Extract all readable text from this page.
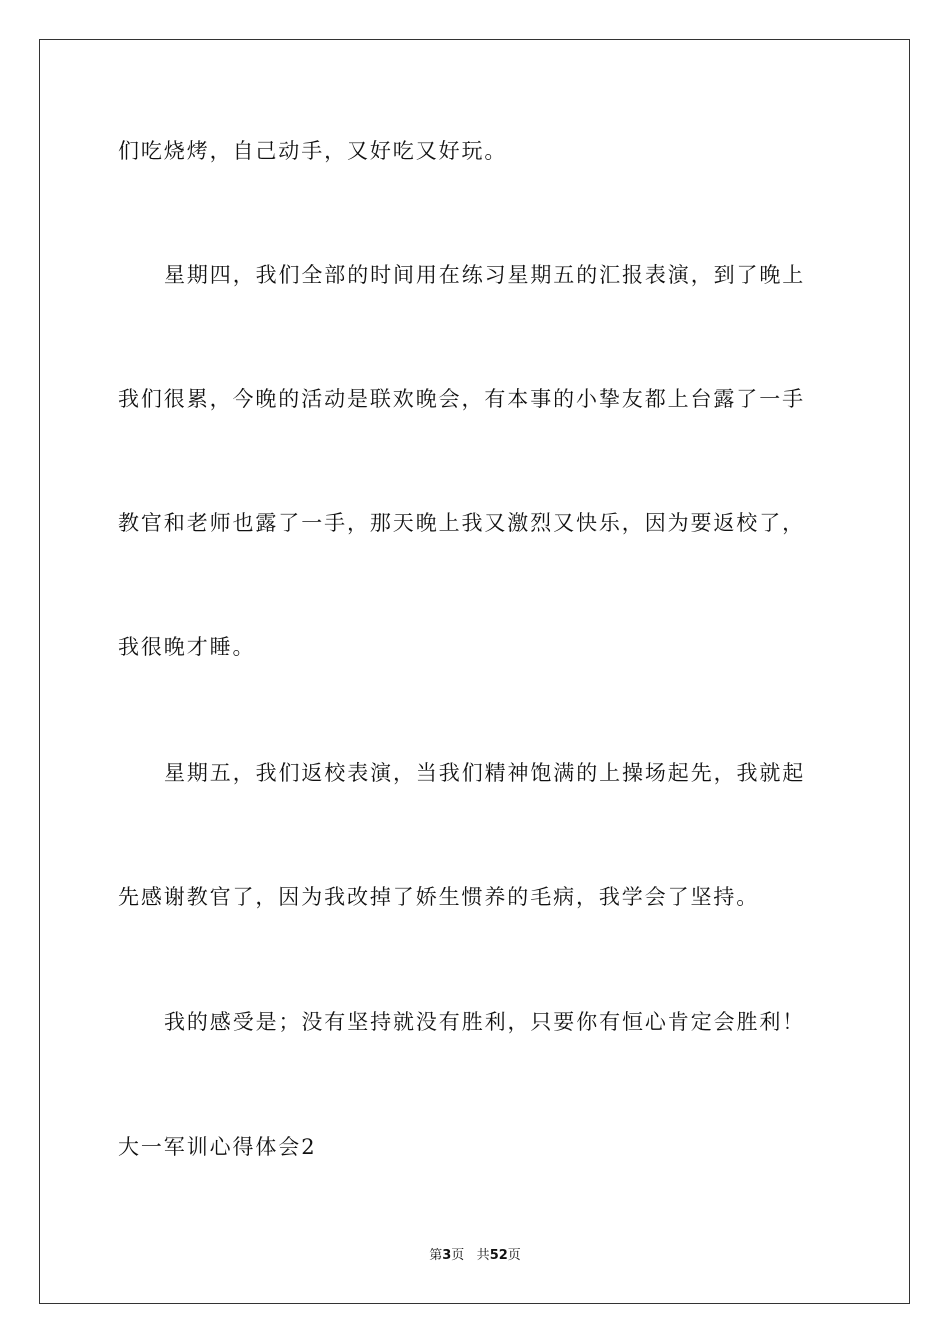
们吃烧烤，自己动手，又好吃又好玩。
星期四，我们全部的时间用在练习星期五的汇报表演，到了晚上
我们很累，今晚的活动是联欢晚会，有本事的小挚友都上台露了一手
教官和老师也露了一手，那天晚上我又激烈又快乐，因为要返校了，
我很晚才睡。
星期五，我们返校表演，当我们精神饱满的上操场起先，我就起
先感谢教官了，因为我改掉了娇生惯养的毛病，我学会了坚持。
我的感受是；没有坚持就没有胜利，只要你有恒心肯定会胜利！
大一军训心得体会2
第3页 共52页
